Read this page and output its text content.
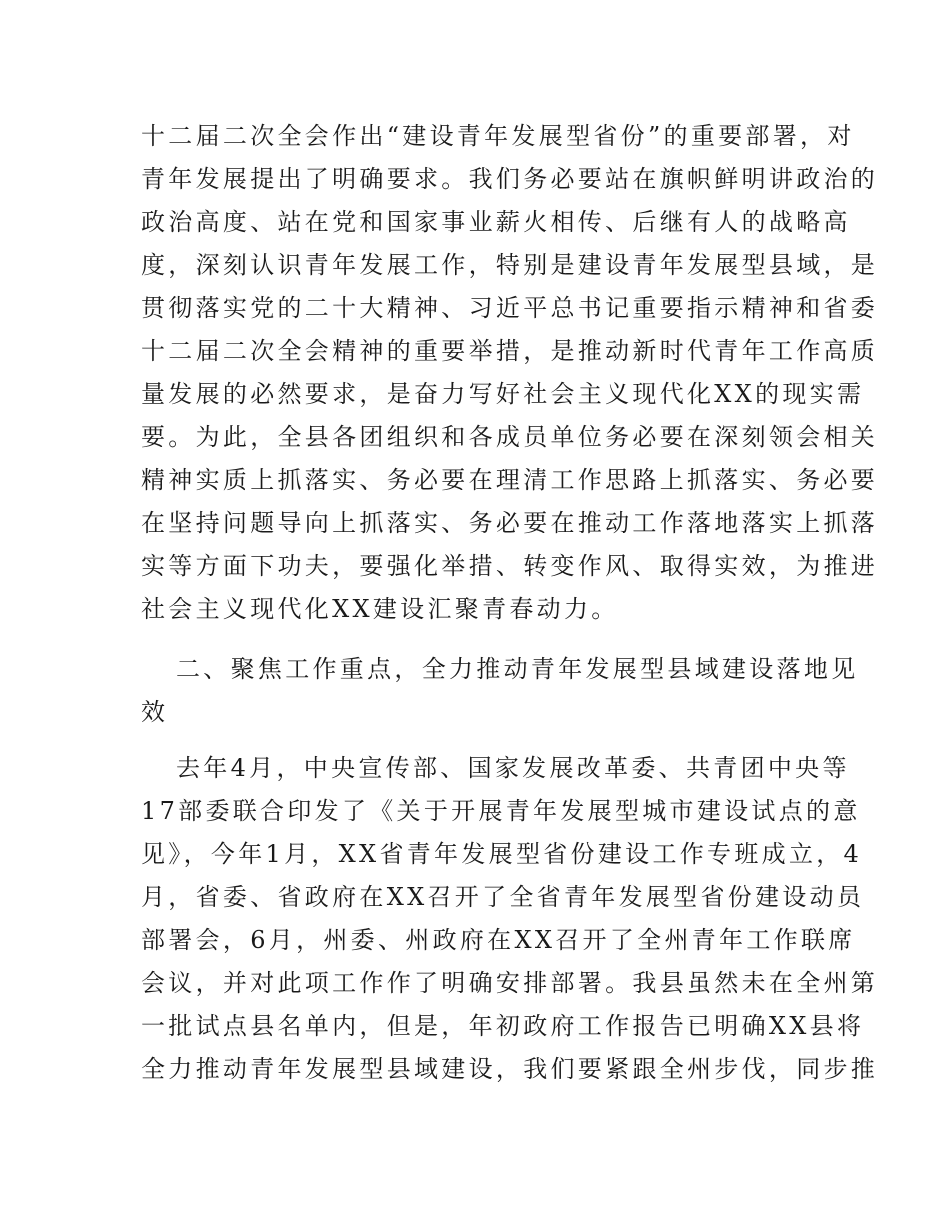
十二届二次全会作出“建设青年发展型省份”的重要部署，对
青年发展提出了明确要求。我们务必要站在旗帜鲜明讲政治的
政治高度、站在党和国家事业薪火相传、后继有人的战略高
度，深刻认识青年发展工作，特别是建设青年发展型县域，是
贯彻落实党的二十大精神、习近平总书记重要指示精神和省委
十二届二次全会精神的重要举措，是推动新时代青年工作高质
量发展的必然要求，是奋力写好社会主义现代化XX的现实需
要。为此，全县各团组织和各成员单位务必要在深刻领会相关
精神实质上抓落实、务必要在理清工作思路上抓落实、务必要
在坚持问题导向上抓落实、务必要在推动工作落地落实上抓落
实等方面下功夫，要强化举措、转变作风、取得实效，为推进
社会主义现代化XX建设汇聚青春动力。
二、聚焦工作重点，全力推动青年发展型县域建设落地见
效
去年4月，中央宣传部、国家发展改革委、共青团中央等
17部委联合印发了《关于开展青年发展型城市建设试点的意
见》，今年1月，XX省青年发展型省份建设工作专班成立，4
月，省委、省政府在XX召开了全省青年发展型省份建设动员
部署会，6月，州委、州政府在XX召开了全州青年工作联席
会议，并对此项工作作了明确安排部署。我县虽然未在全州第
一批试点县名单内，但是，年初政府工作报告已明确XX县将
全力推动青年发展型县域建设，我们要紧跟全州步伐，同步推
